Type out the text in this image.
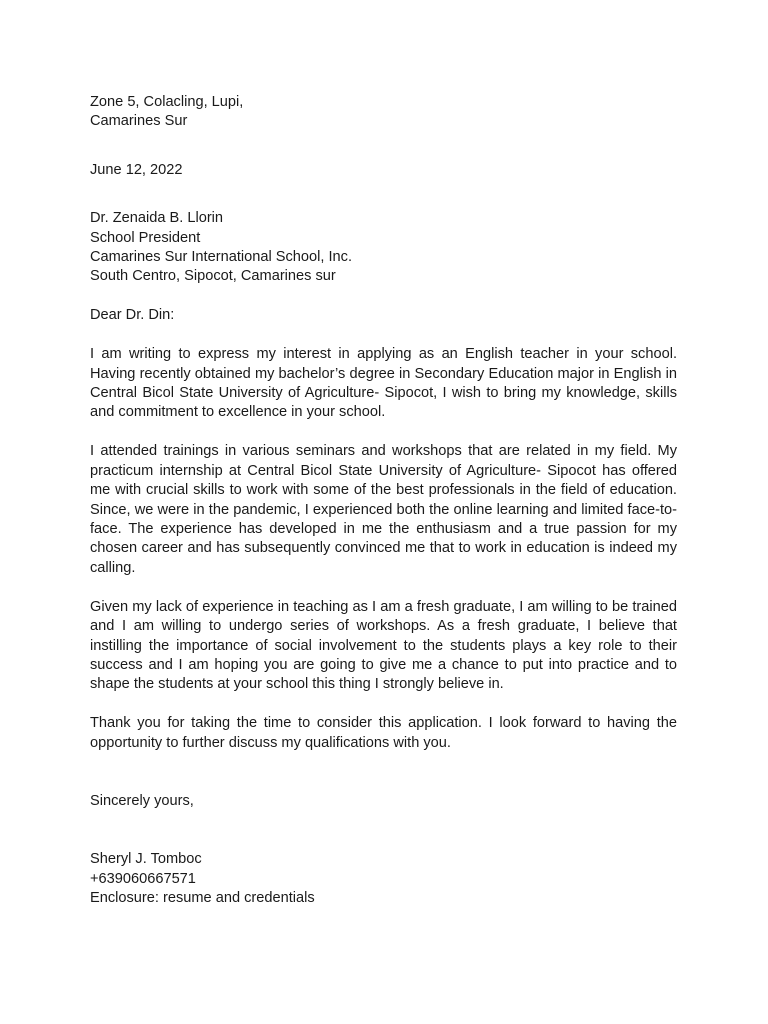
Zone 5, Colacling, Lupi,
Camarines Sur
June 12, 2022
Dr. Zenaida B. Llorin
School President
Camarines Sur International School, Inc.
South Centro, Sipocot, Camarines sur
Dear Dr. Din:

I am writing to express my interest in applying as an English teacher in your school. Having recently obtained my bachelor’s degree in Secondary Education major in English in Central Bicol State University of Agriculture- Sipocot, I wish to bring my knowledge, skills and commitment to excellence in your school.

I attended trainings in various seminars and workshops that are related in my field. My practicum internship at Central Bicol State University of Agriculture- Sipocot has offered me with crucial skills to work with some of the best professionals in the field of education. Since, we were in the pandemic, I experienced both the online learning and limited face-to-face. The experience has developed in me the enthusiasm and a true passion for my chosen career and has subsequently convinced me that to work in education is indeed my calling.

Given my lack of experience in teaching as I am a fresh graduate, I am willing to be trained and I am willing to undergo series of workshops. As a fresh graduate, I believe that instilling the importance of social involvement to the students plays a key role to their success and I am hoping you are going to give me a chance to put into practice and to shape the students at your school this thing I strongly believe in.

Thank you for taking the time to consider this application. I look forward to having the opportunity to further discuss my qualifications with you.

Sincerely yours,
Sheryl J. Tomboc
+639060667571
Enclosure: resume and credentials
